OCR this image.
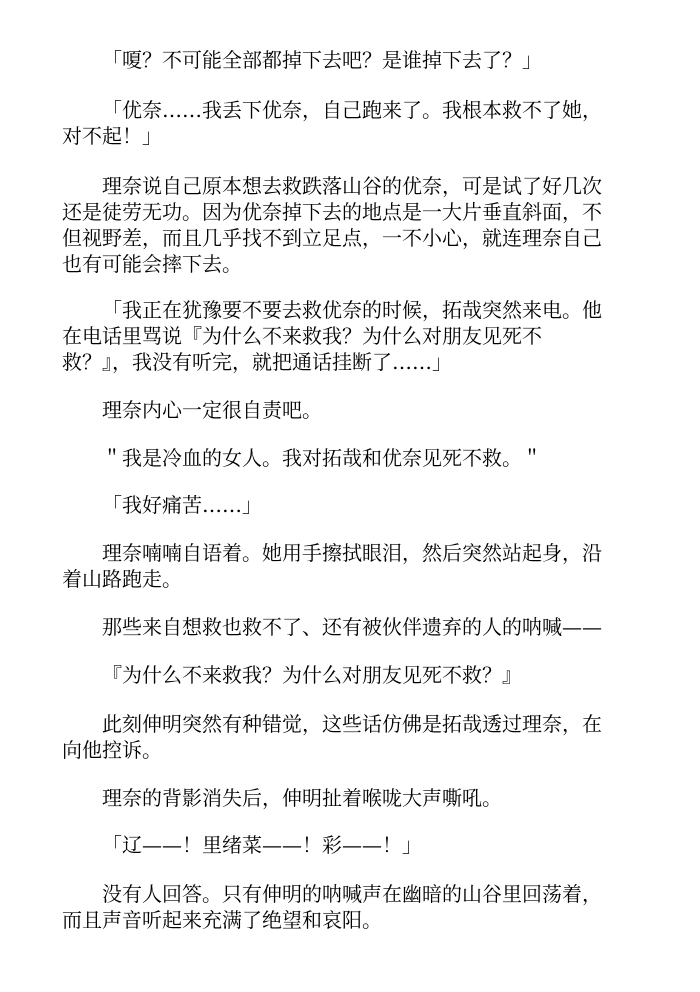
「嗄？不可能全部都掉下去吧？是谁掉下去了？」

「优奈……我丢下优奈，自己跑来了。我根本救不了她，
对不起！」

理奈说自己原本想去救跌落山谷的优奈，可是试了好几次
还是徒劳无功。因为优奈掉下去的地点是一大片垂直斜面，不
但视野差，而且几乎找不到立足点，一不小心，就连理奈自己
也有可能会摔下去。

「我正在犹豫要不要去救优奈的时候，拓哉突然来电。他
在电话里骂说『为什么不来救我？为什么对朋友见死不
救？』，我没有听完，就把通话挂断了……」

理奈内心一定很自责吧。

＂我是冷血的女人。我对拓哉和优奈见死不救。＂

「我好痛苦……」

理奈喃喃自语着。她用手擦拭眼泪，然后突然站起身，沿
着山路跑走。

那些来自想救也救不了、还有被伙伴遗弃的人的呐喊——

『为什么不来救我？为什么对朋友见死不救？』

此刻伸明突然有种错觉，这些话仿佛是拓哉透过理奈，在
向他控诉。

理奈的背影消失后，伸明扯着喉咙大声嘶吼。

「辽——！里绪菜——！彩——！」

没有人回答。只有伸明的呐喊声在幽暗的山谷里回荡着，
而且声音听起来充满了绝望和哀阳。
